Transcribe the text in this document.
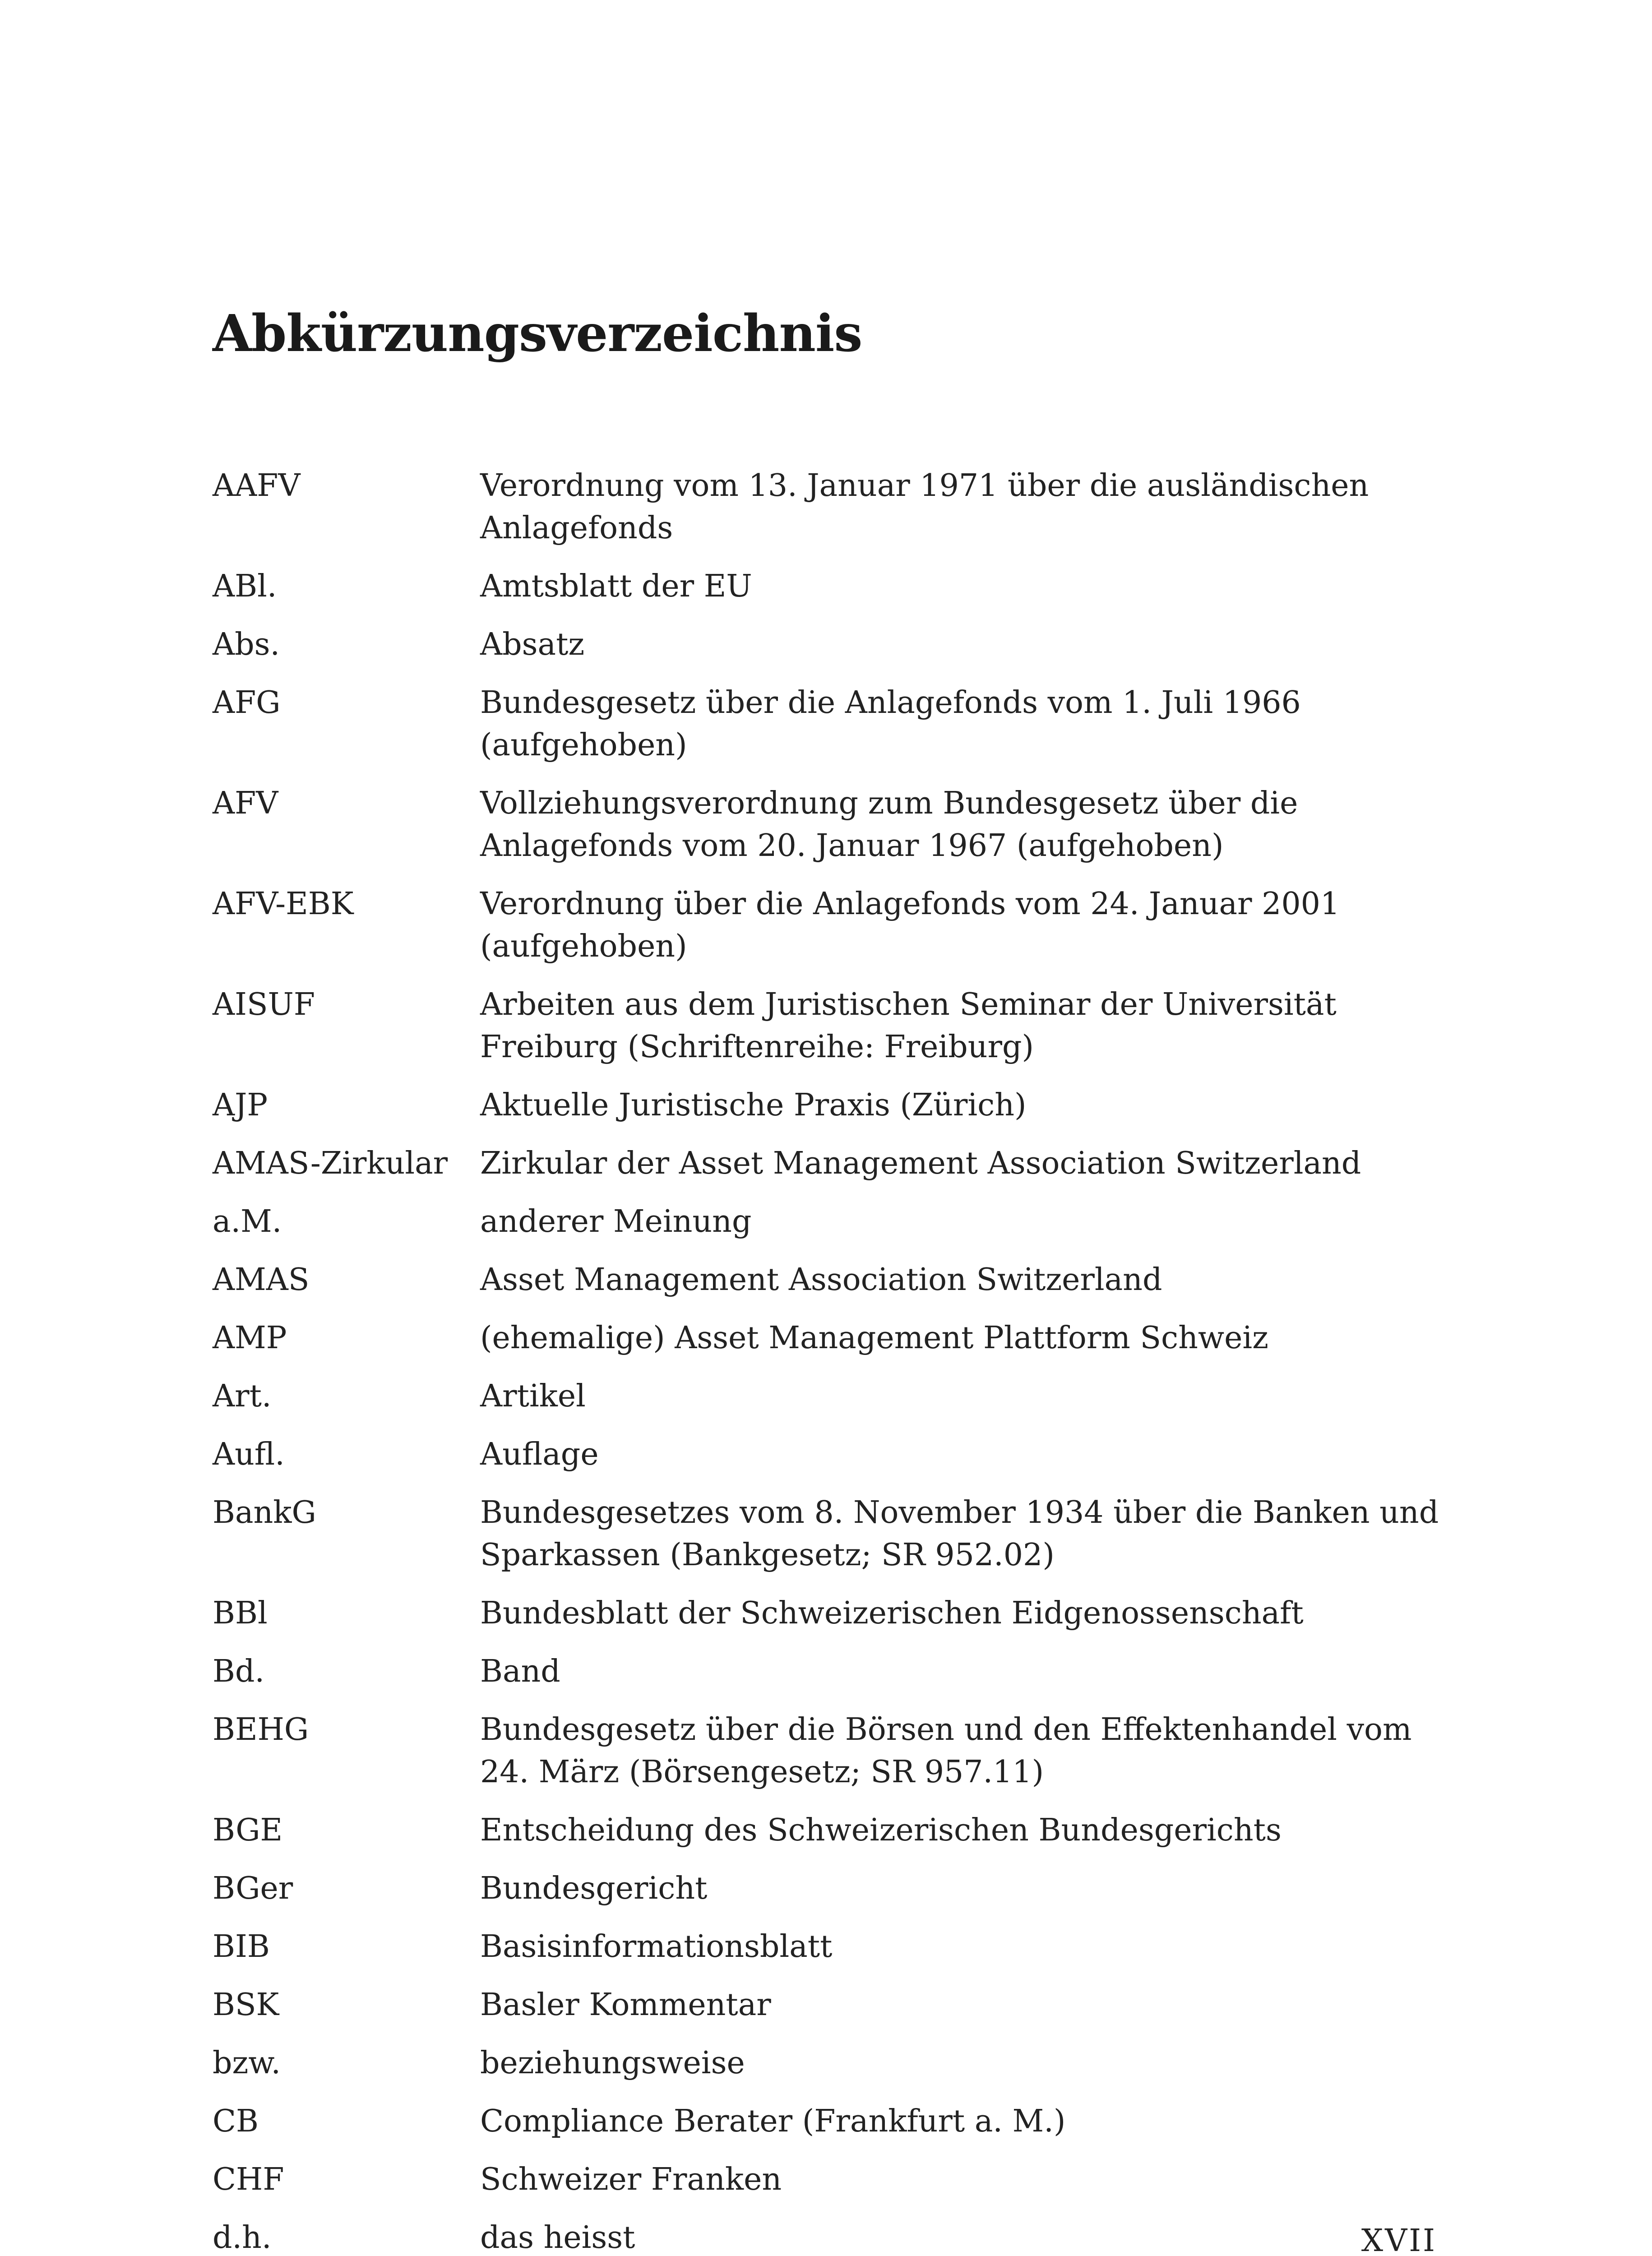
Abkürzungsverzeichnis
AAFV	Verordnung vom 13. Januar 1971 über die ausländischen Anlagefonds
ABl.	Amtsblatt der EU
Abs.	Absatz
AFG	Bundesgesetz über die Anlagefonds vom 1. Juli 1966 (aufgehoben)
AFV	Vollziehungsverordnung zum Bundesgesetz über die Anlagefonds vom 20. Januar 1967 (aufgehoben)
AFV-EBK	Verordnung über die Anlagefonds vom 24. Januar 2001 (aufgehoben)
AISUF	Arbeiten aus dem Juristischen Seminar der Universität Freiburg (Schriftenreihe: Freiburg)
AJP	Aktuelle Juristische Praxis (Zürich)
AMAS-Zirkular	Zirkular der Asset Management Association Switzerland
a.M.	anderer Meinung
AMAS	Asset Management Association Switzerland
AMP	(ehemalige) Asset Management Plattform Schweiz
Art.	Artikel
Aufl.	Auflage
BankG	Bundesgesetzes vom 8. November 1934 über die Banken und Sparkassen (Bankgesetz; SR 952.02)
BBl	Bundesblatt der Schweizerischen Eidgenossenschaft
Bd.	Band
BEHG	Bundesgesetz über die Börsen und den Effektenhandel vom 24. März (Börsengesetz; SR 957.11)
BGE	Entscheidung des Schweizerischen Bundesgerichts
BGer	Bundesgericht
BIB	Basisinformationsblatt
BSK	Basler Kommentar
bzw.	beziehungsweise
CB	Compliance Berater (Frankfurt a. M.)
CHF	Schweizer Franken
d.h.	das heisst	XVII
